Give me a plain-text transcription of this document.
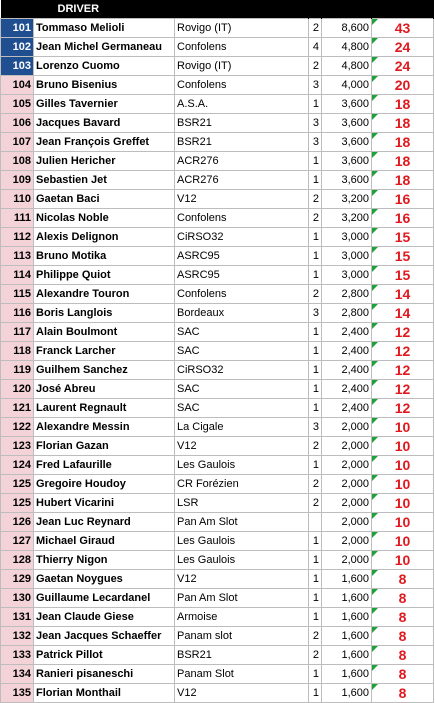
DRIVER					
101	Tommaso Melioli	Rovigo (IT)	2	8,600	43
102	Jean Michel Germaneau	Confolens	4	4,800	24
103	Lorenzo Cuomo	Rovigo (IT)	2	4,800	24
104	Bruno Bisenius	Confolens	3	4,000	20
105	Gilles Tavernier	A.S.A.	1	3,600	18
106	Jacques Bavard	BSR21	3	3,600	18
107	Jean François Greffet	BSR21	3	3,600	18
108	Julien Hericher	ACR276	1	3,600	18
109	Sebastien Jet	ACR276	1	3,600	18
110	Gaetan Baci	V12	2	3,200	16
111	Nicolas Noble	Confolens	2	3,200	16
112	Alexis Delignon	CiRSO32	1	3,000	15
113	Bruno Motika	ASRC95	1	3,000	15
114	Philippe Quiot	ASRC95	1	3,000	15
115	Alexandre Touron	Confolens	2	2,800	14
116	Boris Langlois	Bordeaux	3	2,800	14
117	Alain Boulmont	SAC	1	2,400	12
118	Franck Larcher	SAC	1	2,400	12
119	Guilhem Sanchez	CiRSO32	1	2,400	12
120	José Abreu	SAC	1	2,400	12
121	Laurent Regnault	SAC	1	2,400	12
122	Alexandre Messin	La Cigale	3	2,000	10
123	Florian Gazan	V12	2	2,000	10
124	Fred Lafaurille	Les Gaulois	1	2,000	10
125	Gregoire Houdoy	CR Forézien	2	2,000	10
125	Hubert Vicarini	LSR	2	2,000	10
126	Jean Luc Reynard	Pan Am Slot		2,000	10
127	Michael Giraud	Les Gaulois	1	2,000	10
128	Thierry Nigon	Les Gaulois	1	2,000	10
129	Gaetan Noygues	V12	1	1,600	8
130	Guillaume Lecardanel	Pan Am Slot	1	1,600	8
131	Jean Claude Giese	Armoise	1	1,600	8
132	Jean Jacques Schaeffer	Panam slot	2	1,600	8
133	Patrick Pillot	BSR21	2	1,600	8
134	Ranieri pisaneschi	Panam Slot	1	1,600	8
135	Florian Monthail	V12	1	1,600	8
